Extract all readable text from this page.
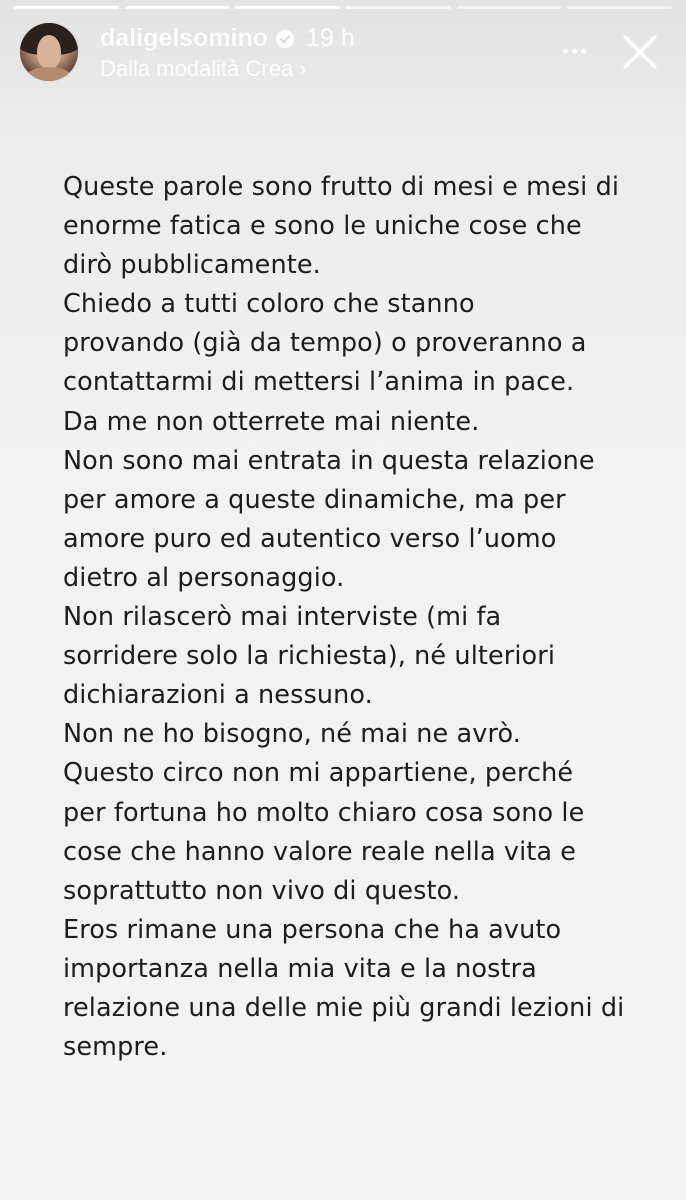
daligelsomino 19 h
Dalla modalità Crea ›
Queste parole sono frutto di mesi e mesi di
enorme fatica e sono le uniche cose che
dirò pubblicamente.
Chiedo a tutti coloro che stanno
provando (già da tempo) o proveranno a
contattarmi di mettersi l’anima in pace.
Da me non otterrete mai niente.
Non sono mai entrata in questa relazione
per amore a queste dinamiche, ma per
amore puro ed autentico verso l’uomo
dietro al personaggio.
Non rilascerò mai interviste (mi fa
sorridere solo la richiesta), né ulteriori
dichiarazioni a nessuno.
Non ne ho bisogno, né mai ne avrò.
Questo circo non mi appartiene, perché
per fortuna ho molto chiaro cosa sono le
cose che hanno valore reale nella vita e
soprattutto non vivo di questo.
Eros rimane una persona che ha avuto
importanza nella mia vita e la nostra
relazione una delle mie più grandi lezioni di
sempre.
